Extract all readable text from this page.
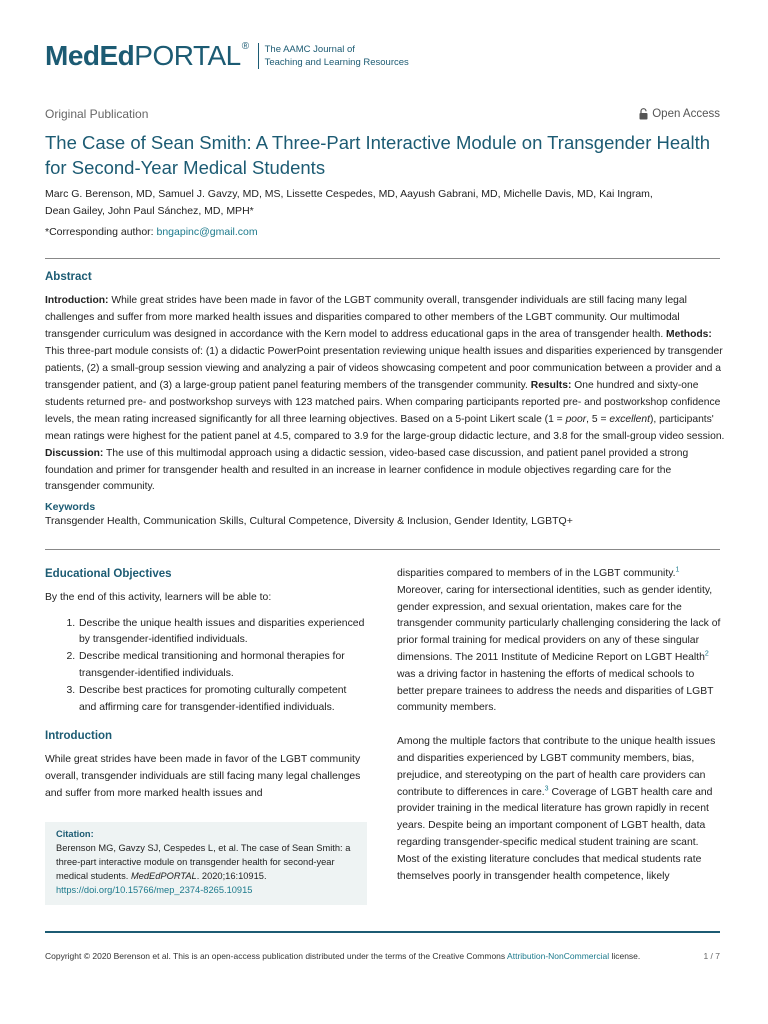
MedEdPORTAL® The AAMC Journal of
Teaching and Learning Resources
Original Publication	Open Access
The Case of Sean Smith: A Three-Part Interactive Module on Transgender Health for Second-Year Medical Students
Marc G. Berenson, MD, Samuel J. Gavzy, MD, MS, Lissette Cespedes, MD, Aayush Gabrani, MD, Michelle Davis, MD, Kai Ingram,
Dean Gailey, John Paul Sánchez, MD, MPH*
*Corresponding author: bngapinc@gmail.com
Abstract
Introduction: While great strides have been made in favor of the LGBT community overall, transgender individuals are still facing many legal challenges and suffer from more marked health issues and disparities compared to other members of the LGBT community. Our multimodal transgender curriculum was designed in accordance with the Kern model to address educational gaps in the area of transgender health. Methods: This three-part module consists of: (1) a didactic PowerPoint presentation reviewing unique health issues and disparities experienced by transgender patients, (2) a small-group session viewing and analyzing a pair of videos showcasing competent and poor communication between a provider and a transgender patient, and (3) a large-group patient panel featuring members of the transgender community. Results: One hundred and sixty-one students returned pre- and postworkshop surveys with 123 matched pairs. When comparing participants reported pre- and postworkshop confidence levels, the mean rating increased significantly for all three learning objectives. Based on a 5-point Likert scale (1 = poor, 5 = excellent), participants' mean ratings were highest for the patient panel at 4.5, compared to 3.9 for the large-group didactic lecture, and 3.8 for the small-group video session. Discussion: The use of this multimodal approach using a didactic session, video-based case discussion, and patient panel provided a strong foundation and primer for transgender health and resulted in an increase in learner confidence in module objectives regarding care for the transgender community.
Keywords
Transgender Health, Communication Skills, Cultural Competence, Diversity & Inclusion, Gender Identity, LGBTQ+
Educational Objectives

By the end of this activity, learners will be able to:

1. Describe the unique health issues and disparities experienced by transgender-identified individuals.
2. Describe medical transitioning and hormonal therapies for transgender-identified individuals.
3. Describe best practices for promoting culturally competent and affirming care for transgender-identified individuals.
Introduction

While great strides have been made in favor of the LGBT community overall, transgender individuals are still facing many legal challenges and suffer from more marked health issues and

Citation:
Berenson MG, Gavzy SJ, Cespedes L, et al. The case of Sean Smith: a three-part interactive module on transgender health for second-year medical students. MedEdPORTAL. 2020;16:10915.
https://doi.org/10.15766/mep_2374-8265.10915

disparities compared to members of in the LGBT community.$^1$ Moreover, caring for intersectional identities, such as gender identity, gender expression, and sexual orientation, makes care for the transgender community particularly challenging considering the lack of prior formal training for medical providers on any of these singular dimensions. The 2011 Institute of Medicine Report on LGBT Health$^2$ was a driving factor in hastening the efforts of medical schools to better prepare trainees to address the needs and disparities of LGBT community members.

Among the multiple factors that contribute to the unique health issues and disparities experienced by LGBT community members, bias, prejudice, and stereotyping on the part of health care providers can contribute to differences in care.$^3$ Coverage of LGBT health care and provider training in the medical literature has grown rapidly in recent years. Despite being an important component of LGBT health, data regarding transgender-specific medical student training are scant. Most of the existing literature concludes that medical students rate themselves poorly in transgender health competence, likely

Copyright © 2020 Berenson et al. This is an open-access publication distributed under the terms of the Creative Commons Attribution-NonCommercial license.	1 / 7
